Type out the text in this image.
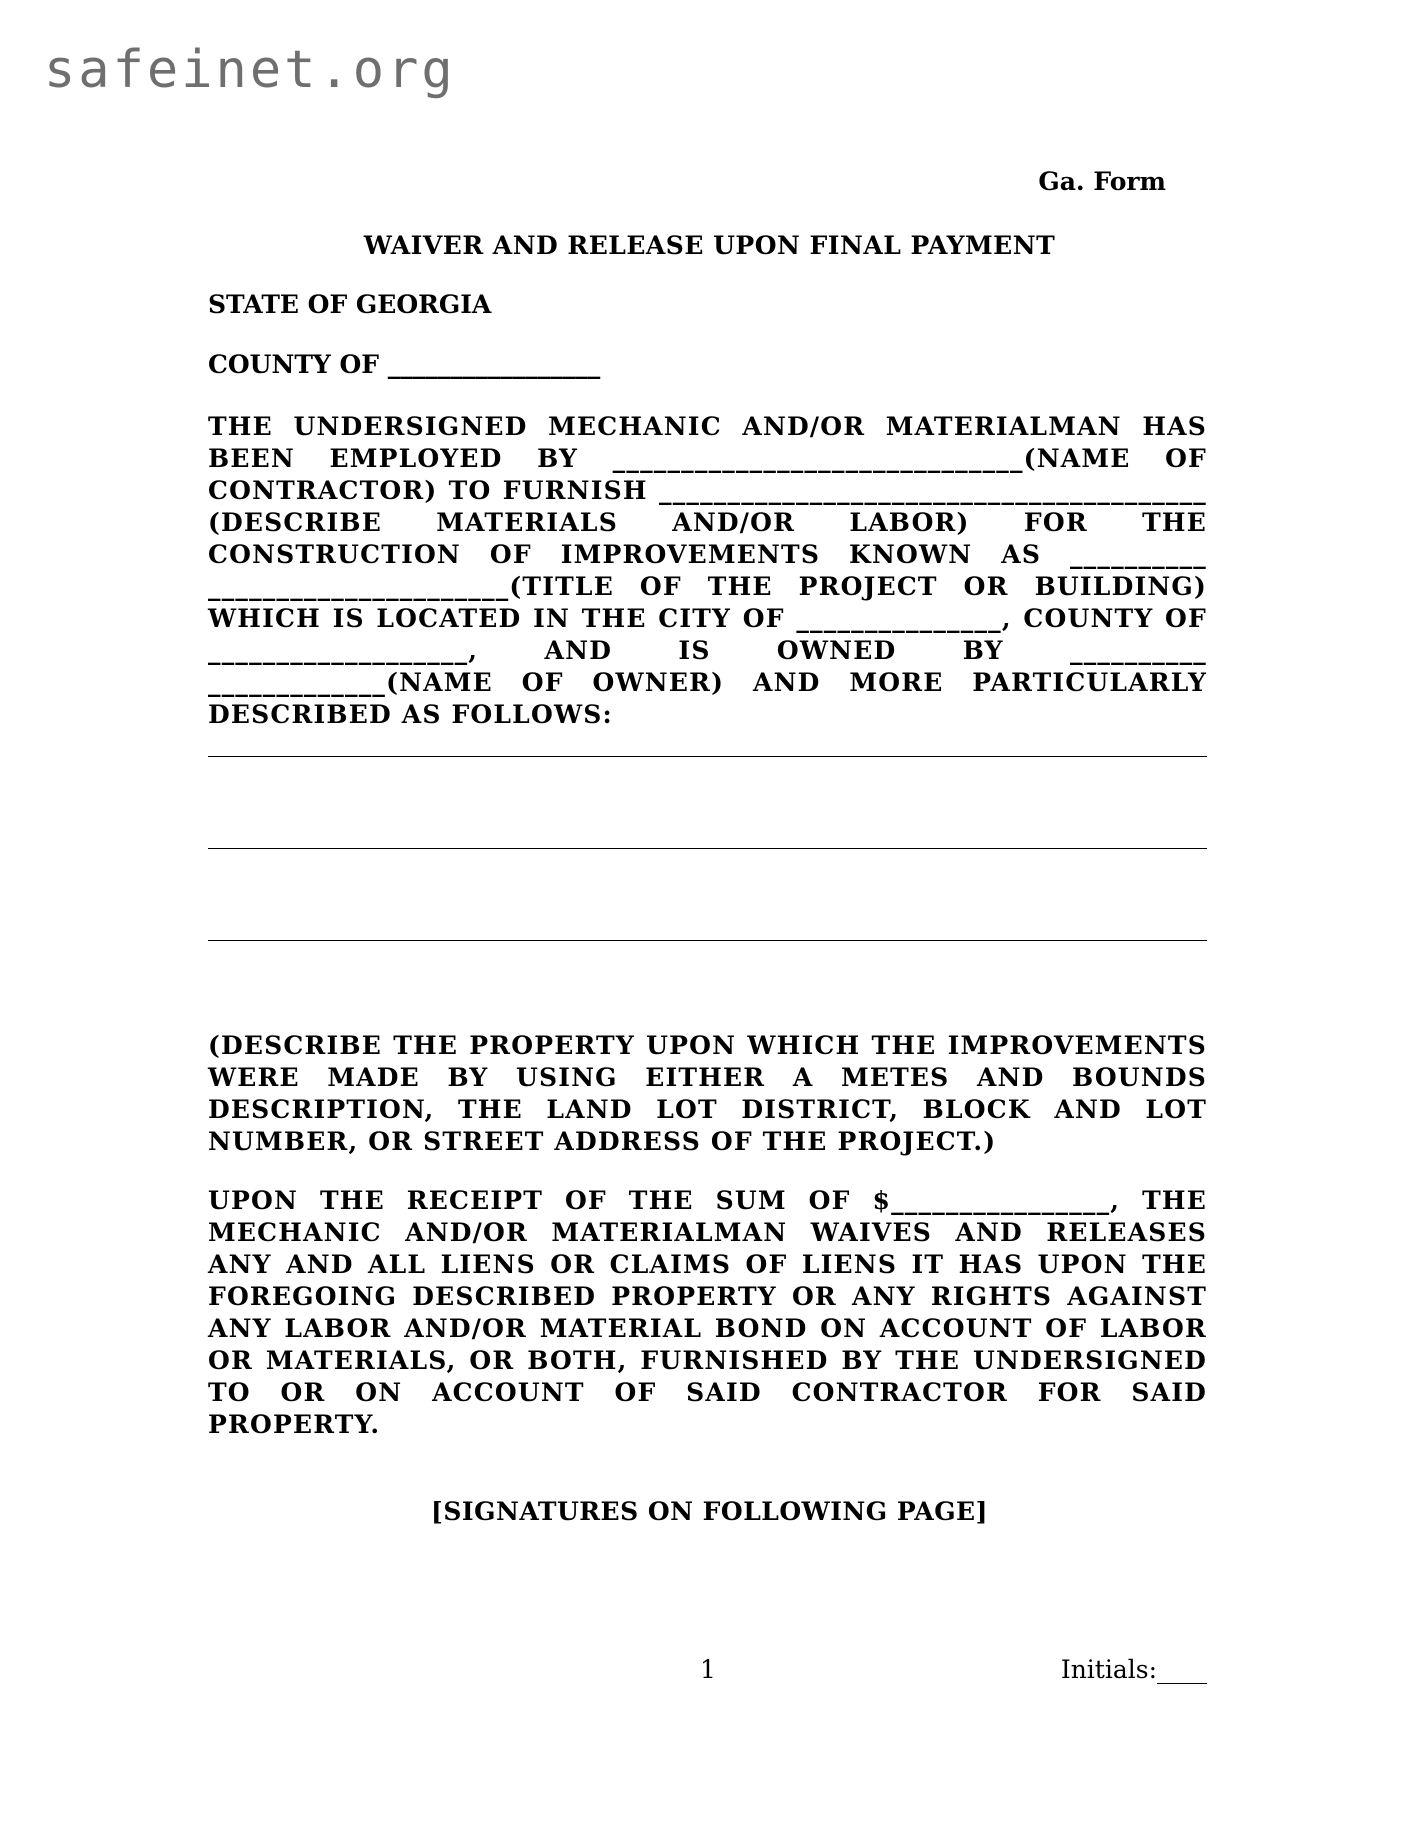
safeinet.org
Ga. Form
WAIVER AND RELEASE UPON FINAL PAYMENT
STATE OF GEORGIA
COUNTY OF _________________
THE UNDERSIGNED MECHANIC AND/OR MATERIALMAN HAS BEEN EMPLOYED BY ______________________________(NAME OF CONTRACTOR) TO FURNISH ________________________________________ (DESCRIBE MATERIALS AND/OR LABOR) FOR THE CONSTRUCTION OF IMPROVEMENTS KNOWN AS __________ ______________________(TITLE OF THE PROJECT OR BUILDING) WHICH IS LOCATED IN THE CITY OF _______________, COUNTY OF ___________________, AND IS OWNED BY __________ _____________(NAME OF OWNER) AND MORE PARTICULARLY DESCRIBED AS FOLLOWS:
(DESCRIBE THE PROPERTY UPON WHICH THE IMPROVEMENTS WERE MADE BY USING EITHER A METES AND BOUNDS DESCRIPTION, THE LAND LOT DISTRICT, BLOCK AND LOT NUMBER, OR STREET ADDRESS OF THE PROJECT.)
UPON THE RECEIPT OF THE SUM OF $________________, THE MECHANIC AND/OR MATERIALMAN WAIVES AND RELEASES ANY AND ALL LIENS OR CLAIMS OF LIENS IT HAS UPON THE FOREGOING DESCRIBED PROPERTY OR ANY RIGHTS AGAINST ANY LABOR AND/OR MATERIAL BOND ON ACCOUNT OF LABOR OR MATERIALS, OR BOTH, FURNISHED BY THE UNDERSIGNED TO OR ON ACCOUNT OF SAID CONTRACTOR FOR SAID PROPERTY.
[SIGNATURES ON FOLLOWING PAGE]
1	Initials:____
